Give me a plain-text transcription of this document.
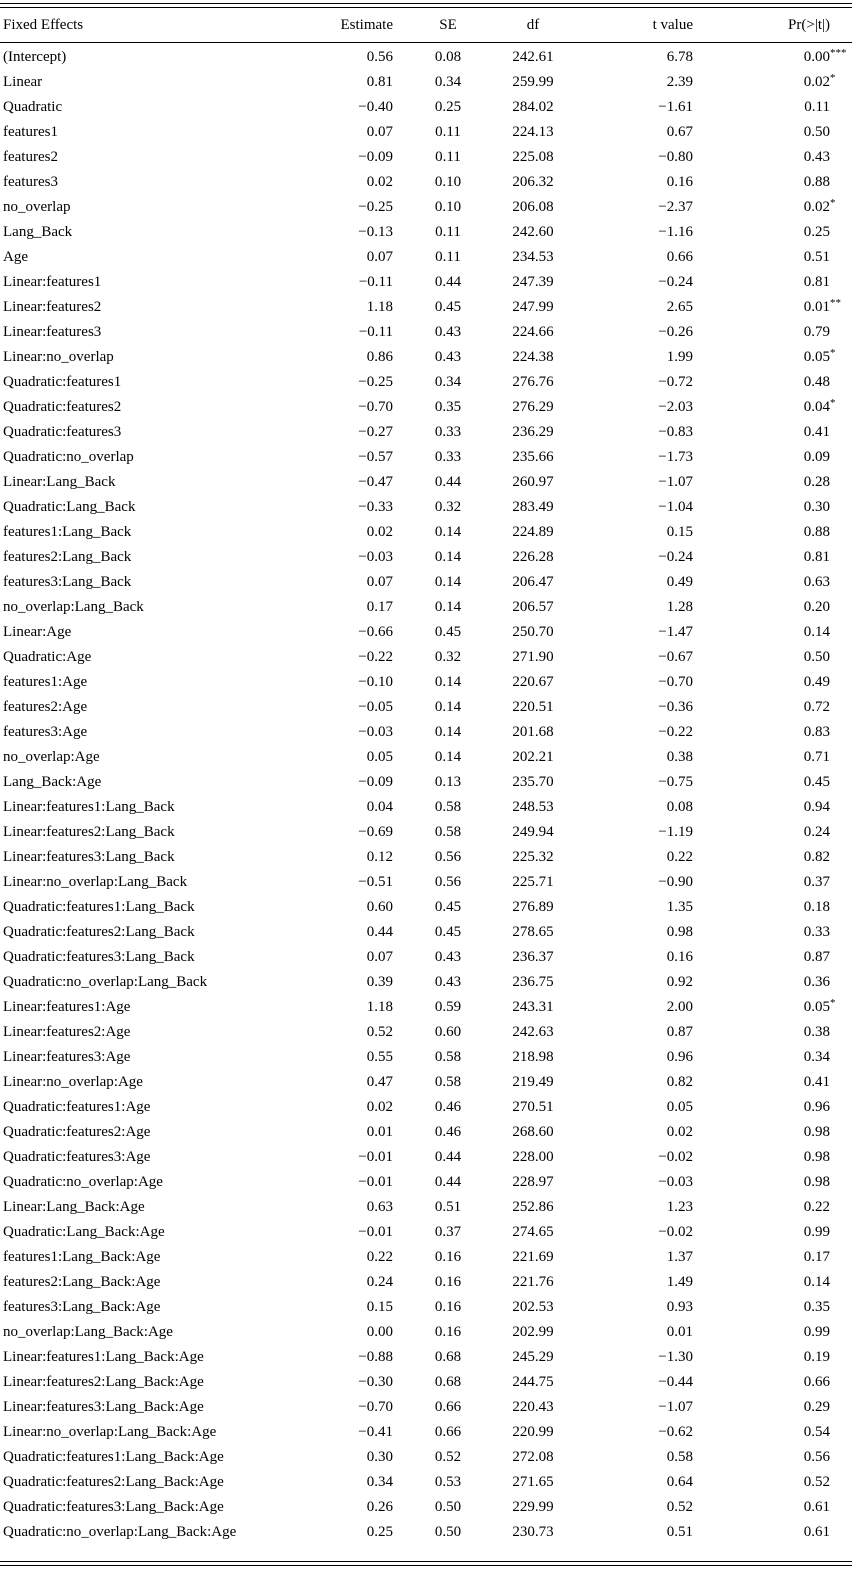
Fixed Effects	Estimate	SE	df	t value	Pr(>|t|)
(Intercept)	0.56	0.08	242.61	6.78	0.00 ***

Linear	0.81	0.34	259.99	2.39	0.02 *

Quadratic	−0.40	0.25	284.02	−1.61	0.11
features1	0.07	0.11	224.13	0.67	0.50
features2	−0.09	0.11	225.08	−0.80	0.43
features3	0.02	0.10	206.32	0.16	0.88
no_overlap	−0.25	0.10	206.08	−2.37	0.02 *

Lang_Back	−0.13	0.11	242.60	−1.16	0.25
Age	0.07	0.11	234.53	0.66	0.51
Linear:features1	−0.11	0.44	247.39	−0.24	0.81
Linear:features2	1.18	0.45	247.99	2.65	0.01 **

Linear:features3	−0.11	0.43	224.66	−0.26	0.79
Linear:no_overlap	0.86	0.43	224.38	1.99	0.05 *

Quadratic:features1	−0.25	0.34	276.76	−0.72	0.48
Quadratic:features2	−0.70	0.35	276.29	−2.03	0.04 *

Quadratic:features3	−0.27	0.33	236.29	−0.83	0.41
Quadratic:no_overlap	−0.57	0.33	235.66	−1.73	0.09
Linear:Lang_Back	−0.47	0.44	260.97	−1.07	0.28
Quadratic:Lang_Back	−0.33	0.32	283.49	−1.04	0.30
features1:Lang_Back	0.02	0.14	224.89	0.15	0.88
features2:Lang_Back	−0.03	0.14	226.28	−0.24	0.81
features3:Lang_Back	0.07	0.14	206.47	0.49	0.63
no_overlap:Lang_Back	0.17	0.14	206.57	1.28	0.20
Linear:Age	−0.66	0.45	250.70	−1.47	0.14
Quadratic:Age	−0.22	0.32	271.90	−0.67	0.50
features1:Age	−0.10	0.14	220.67	−0.70	0.49
features2:Age	−0.05	0.14	220.51	−0.36	0.72
features3:Age	−0.03	0.14	201.68	−0.22	0.83
no_overlap:Age	0.05	0.14	202.21	0.38	0.71
Lang_Back:Age	−0.09	0.13	235.70	−0.75	0.45
Linear:features1:Lang_Back	0.04	0.58	248.53	0.08	0.94
Linear:features2:Lang_Back	−0.69	0.58	249.94	−1.19	0.24
Linear:features3:Lang_Back	0.12	0.56	225.32	0.22	0.82
Linear:no_overlap:Lang_Back	−0.51	0.56	225.71	−0.90	0.37
Quadratic:features1:Lang_Back	0.60	0.45	276.89	1.35	0.18
Quadratic:features2:Lang_Back	0.44	0.45	278.65	0.98	0.33
Quadratic:features3:Lang_Back	0.07	0.43	236.37	0.16	0.87
Quadratic:no_overlap:Lang_Back	0.39	0.43	236.75	0.92	0.36
Linear:features1:Age	1.18	0.59	243.31	2.00	0.05 *

Linear:features2:Age	0.52	0.60	242.63	0.87	0.38
Linear:features3:Age	0.55	0.58	218.98	0.96	0.34
Linear:no_overlap:Age	0.47	0.58	219.49	0.82	0.41
Quadratic:features1:Age	0.02	0.46	270.51	0.05	0.96
Quadratic:features2:Age	0.01	0.46	268.60	0.02	0.98
Quadratic:features3:Age	−0.01	0.44	228.00	−0.02	0.98
Quadratic:no_overlap:Age	−0.01	0.44	228.97	−0.03	0.98
Linear:Lang_Back:Age	0.63	0.51	252.86	1.23	0.22
Quadratic:Lang_Back:Age	−0.01	0.37	274.65	−0.02	0.99
features1:Lang_Back:Age	0.22	0.16	221.69	1.37	0.17
features2:Lang_Back:Age	0.24	0.16	221.76	1.49	0.14
features3:Lang_Back:Age	0.15	0.16	202.53	0.93	0.35
no_overlap:Lang_Back:Age	0.00	0.16	202.99	0.01	0.99
Linear:features1:Lang_Back:Age	−0.88	0.68	245.29	−1.30	0.19
Linear:features2:Lang_Back:Age	−0.30	0.68	244.75	−0.44	0.66
Linear:features3:Lang_Back:Age	−0.70	0.66	220.43	−1.07	0.29
Linear:no_overlap:Lang_Back:Age	−0.41	0.66	220.99	−0.62	0.54
Quadratic:features1:Lang_Back:Age	0.30	0.52	272.08	0.58	0.56
Quadratic:features2:Lang_Back:Age	0.34	0.53	271.65	0.64	0.52
Quadratic:features3:Lang_Back:Age	0.26	0.50	229.99	0.52	0.61
Quadratic:no_overlap:Lang_Back:Age	0.25	0.50	230.73	0.51	0.61
